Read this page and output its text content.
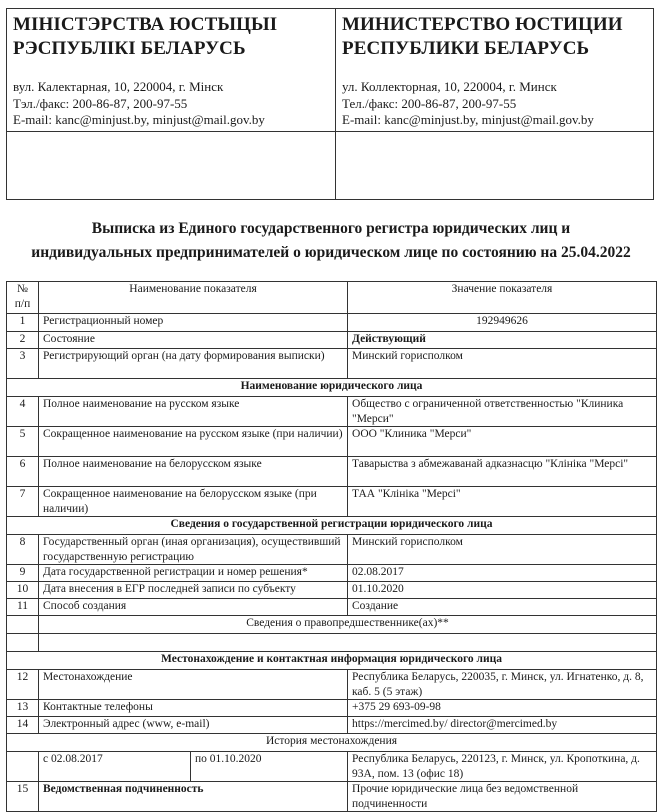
МІНІСТЭРСТВА ЮСТЫЦЫІ
РЭСПУБЛІКІ БЕЛАРУСЬ
вул. Калектарная, 10, 220004, г. Мінск
Тэл./факс: 200-86-87, 200-97-55
E-mail: kanc@minjust.by, minjust@mail.gov.by
МИНИСТЕРСТВО ЮСТИЦИИ
РЕСПУБЛИКИ БЕЛАРУСЬ
ул. Коллекторная, 10, 220004, г. Минск
Тел./факс: 200-86-87, 200-97-55
E-mail: kanc@minjust.by, minjust@mail.gov.by
Выписка из Единого государственного регистра юридических лиц и
индивидуальных предпринимателей о юридическом лице по состоянию на 25.04.2022
№ п/п	Наименование показателя		Значение показателя
1	Регистрационный номер		192949626
2	Состояние		Действующий
3	Регистрирующий орган (на дату формирования выписки)		Минский горисполком
Наименование юридического лица			
4	Полное наименование на русском языке		Общество с ограниченной ответственностью "Клиника "Мерси"
5	Сокращенное наименование на русском языке (при наличии)		ООО "Клиника "Мерси"
6	Полное наименование на белорусском языке		Таварыства з абмежаванай адказнасцю "Клініка "Мерсі"
7	Сокращенное наименование на белорусском языке (при наличии)		ТАА "Клініка "Мерсі"
Сведения о государственной регистрации юридического лица			
8	Государственный орган (иная организация), осуществивший государственную регистрацию		Минский горисполком
9	Дата государственной регистрации и номер решения*		02.08.2017
10	Дата внесения в ЕГР последней записи по субъекту		01.10.2020
11	Способ создания		Создание
	Сведения о правопредшественнике(ах)**		

Местонахождение и контактная информация юридического лица			
12	Местонахождение		Республика Беларусь, 220035, г. Минск, ул. Игнатенко, д. 8, каб. 5 (5 этаж)
13	Контактные телефоны		+375 29 693-09-98
14	Электронный адрес (www, e-mail)		https://mercimed.by/ director@mercimed.by
История местонахождения			
	с 02.08.2017	по 01.10.2020	Республика Беларусь, 220123, г. Минск, ул. Кропоткина, д. 93А, пом. 13 (офис 18)
15	Ведомственная подчиненность		Прочие юридические лица без ведомственной подчиненности
